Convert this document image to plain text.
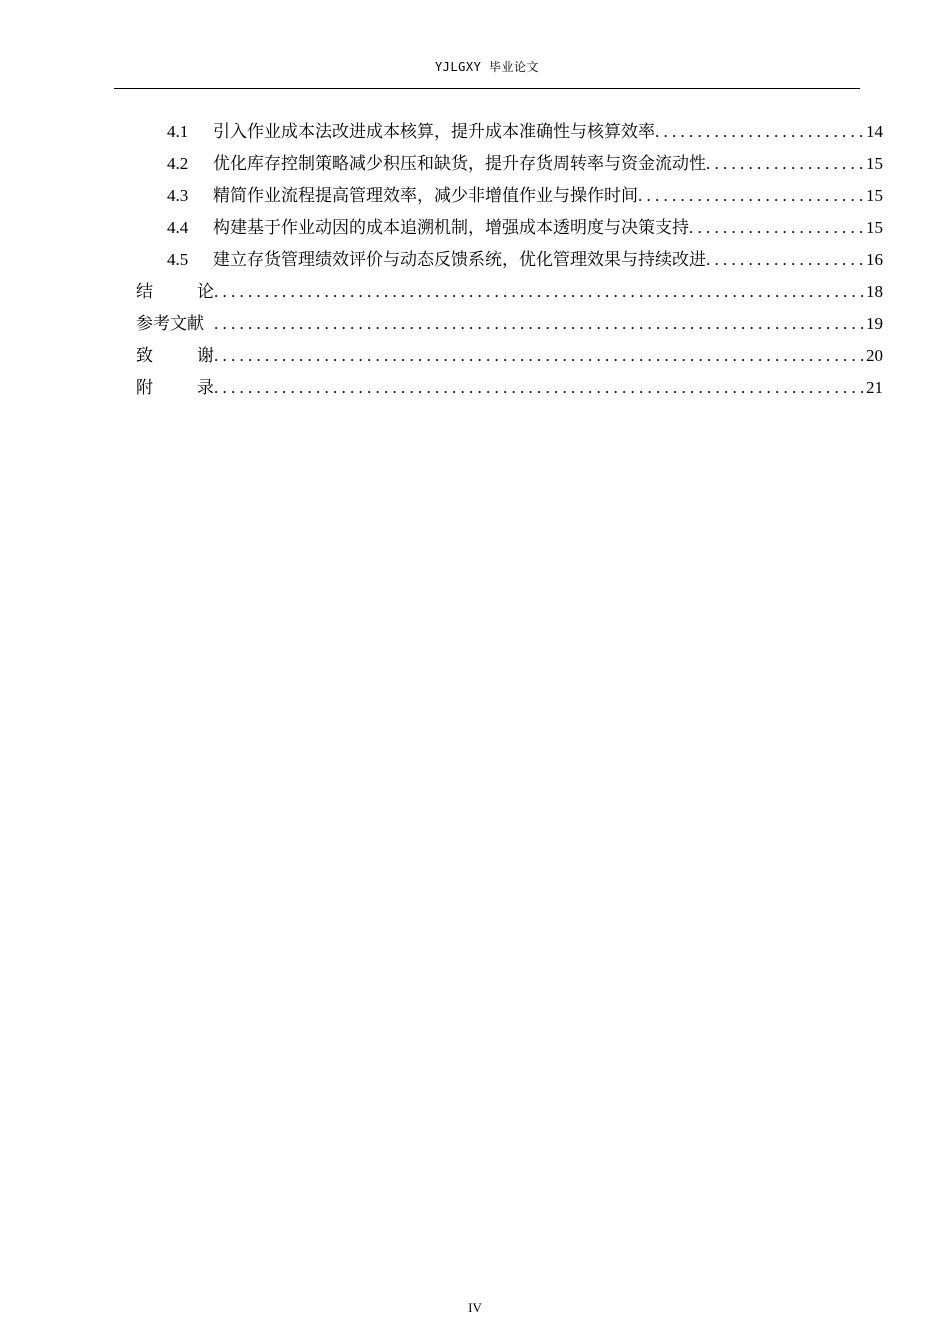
YJLGXY 毕业论文
4.1	引入作业成本法改进成本核算，提升成本准确性与核算效率 . . .	14
4.2	优化库存控制策略减少积压和缺货，提升存货周转率与资金流动性 . . .	15
4.3	精简作业流程提高管理效率，减少非增值作业与操作时间 . . .	15
4.4	构建基于作业动因的成本追溯机制，增强成本透明度与决策支持 . . .	15
4.5	建立存货管理绩效评价与动态反馈系统，优化管理效果与持续改进 . . .	16
结	论 . . .	18
参考文献 . . .	19
致	谢 . . .	20
附	录 . . .	21
IV
